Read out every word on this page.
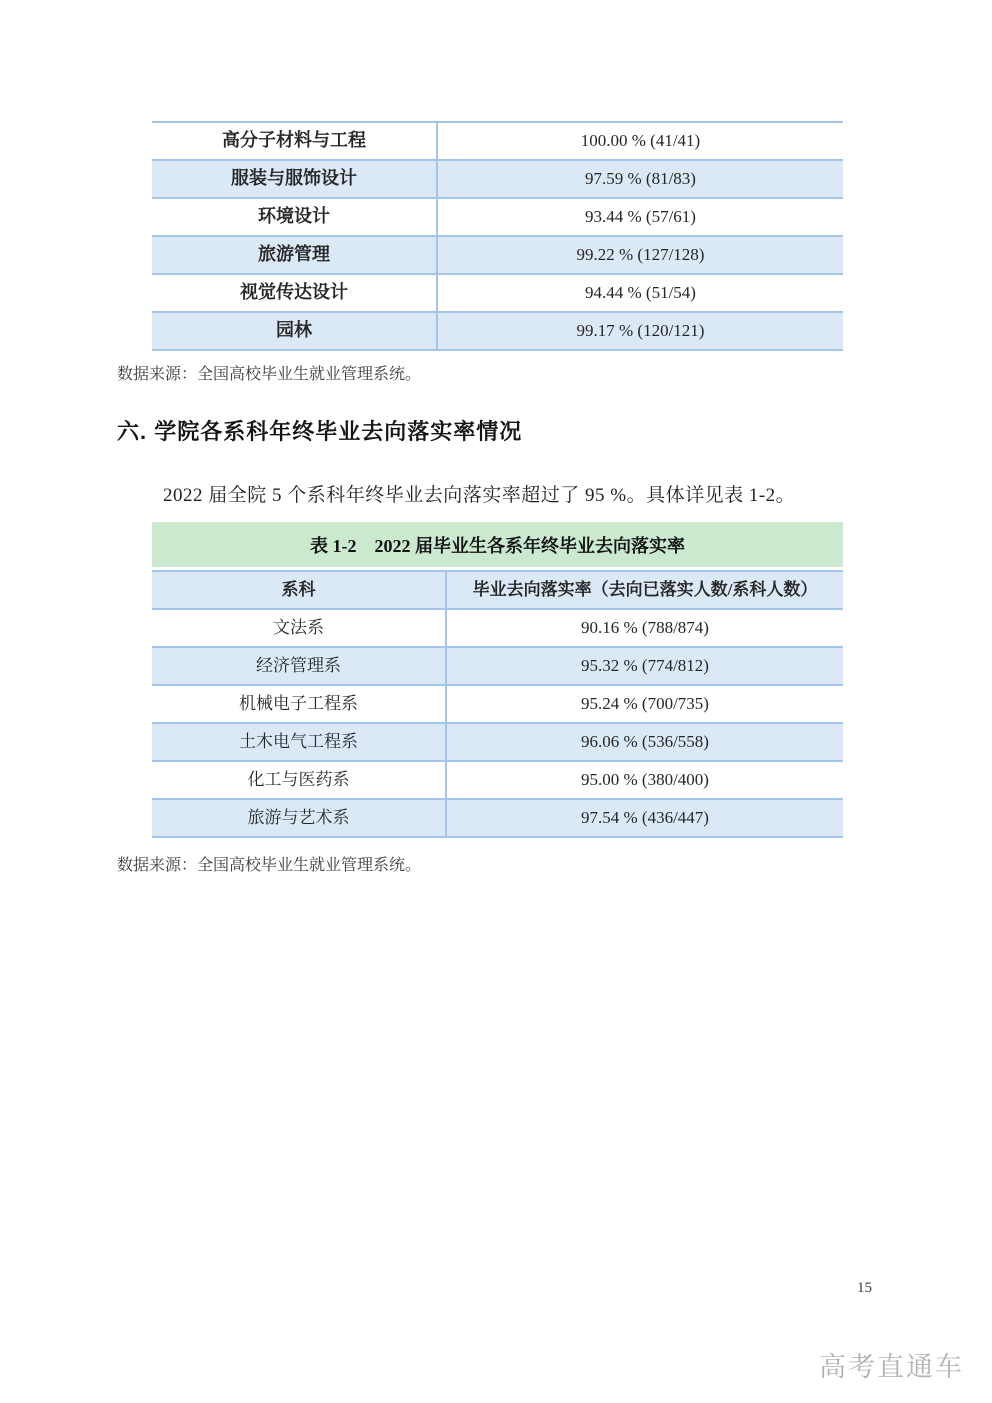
高分子材料与工程	100.00 % (41/41)
服装与服饰设计	97.59 % (81/83)
环境设计	93.44 % (57/61)
旅游管理	99.22 % (127/128)
视觉传达设计	94.44 % (51/54)
园林	99.17 % (120/121)
数据来源：全国高校毕业生就业管理系统。
六. 学院各系科年终毕业去向落实率情况
2022 届全院 5 个系科年终毕业去向落实率超过了 95 %。具体详见表 1-2。
表 1-2　2022 届毕业生各系年终毕业去向落实率
系科	毕业去向落实率（去向已落实人数/系科人数）
文法系	90.16 % (788/874)
经济管理系	95.32 % (774/812)
机械电子工程系	95.24 % (700/735)
土木电气工程系	96.06 % (536/558)
化工与医药系	95.00 % (380/400)
旅游与艺术系	97.54 % (436/447)
数据来源：全国高校毕业生就业管理系统。
15
高考直通车
